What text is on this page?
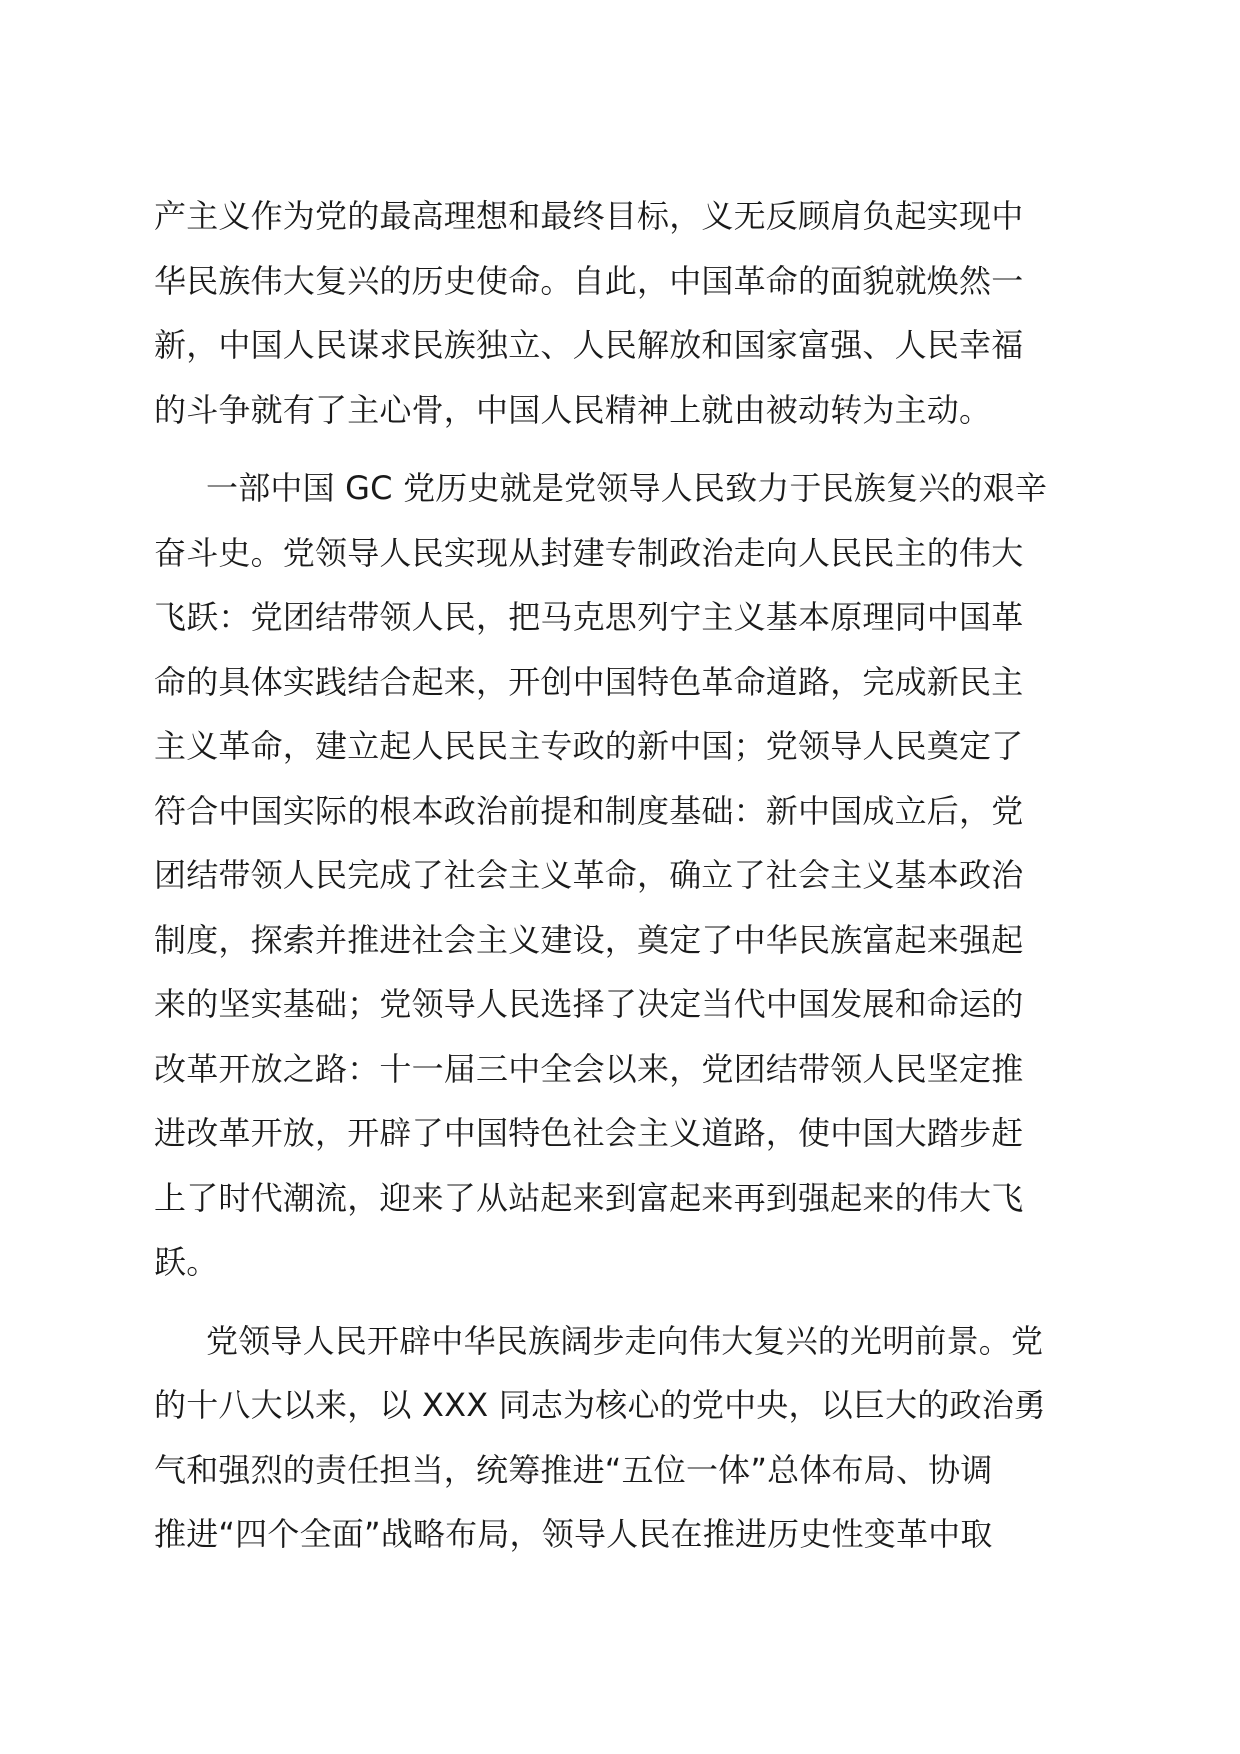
产主义作为党的最高理想和最终目标，义无反顾肩负起实现中
华民族伟大复兴的历史使命。自此，中国革命的面貌就焕然一
新，中国人民谋求民族独立、人民解放和国家富强、人民幸福
的斗争就有了主心骨，中国人民精神上就由被动转为主动。

一部中国 GC 党历史就是党领导人民致力于民族复兴的艰辛
奋斗史。党领导人民实现从封建专制政治走向人民民主的伟大
飞跃：党团结带领人民，把马克思列宁主义基本原理同中国革
命的具体实践结合起来，开创中国特色革命道路，完成新民主
主义革命，建立起人民民主专政的新中国；党领导人民奠定了
符合中国实际的根本政治前提和制度基础：新中国成立后，党
团结带领人民完成了社会主义革命，确立了社会主义基本政治
制度，探索并推进社会主义建设，奠定了中华民族富起来强起
来的坚实基础；党领导人民选择了决定当代中国发展和命运的
改革开放之路：十一届三中全会以来，党团结带领人民坚定推
进改革开放，开辟了中国特色社会主义道路，使中国大踏步赶
上了时代潮流，迎来了从站起来到富起来再到强起来的伟大飞
跃。

党领导人民开辟中华民族阔步走向伟大复兴的光明前景。党
的十八大以来，以 XXX 同志为核心的党中央，以巨大的政治勇
气和强烈的责任担当，统筹推进“五位一体”总体布局、协调
推进“四个全面”战略布局，领导人民在推进历史性变革中取
